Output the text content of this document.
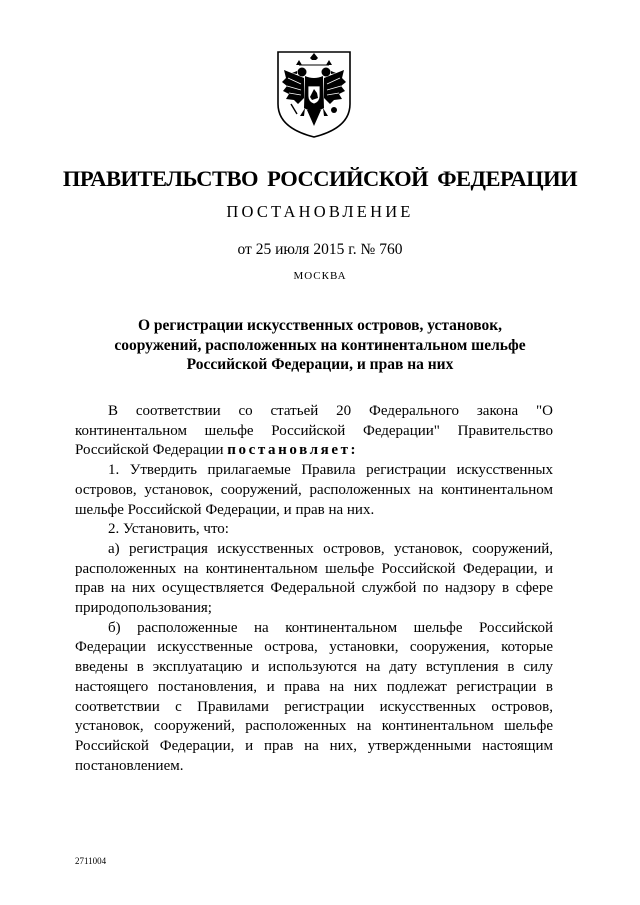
ПРАВИТЕЛЬСТВО РОССИЙСКОЙ ФЕДЕРАЦИИ
ПОСТАНОВЛЕНИЕ
от 25 июля 2015 г. № 760
МОСКВА
О регистрации искусственных островов, установок, сооружений, расположенных на континентальном шельфе Российской Федерации, и прав на них

В соответствии со статьей 20 Федерального закона "О континентальном шельфе Российской Федерации" Правительство Российской Федерации постановляет:

1. Утвердить прилагаемые Правила регистрации искусственных островов, установок, сооружений, расположенных на континентальном шельфе Российской Федерации, и прав на них.

2. Установить, что:

а) регистрация искусственных островов, установок, сооружений, расположенных на континентальном шельфе Российской Федерации, и прав на них осуществляется Федеральной службой по надзору в сфере природопользования;

б) расположенные на континентальном шельфе Российской Федерации искусственные острова, установки, сооружения, которые введены в эксплуатацию и используются на дату вступления в силу настоящего постановления, и права на них подлежат регистрации в соответствии с Правилами регистрации искусственных островов, установок, сооружений, расположенных на континентальном шельфе Российской Федерации, и прав на них, утвержденными настоящим постановлением.

2711004
